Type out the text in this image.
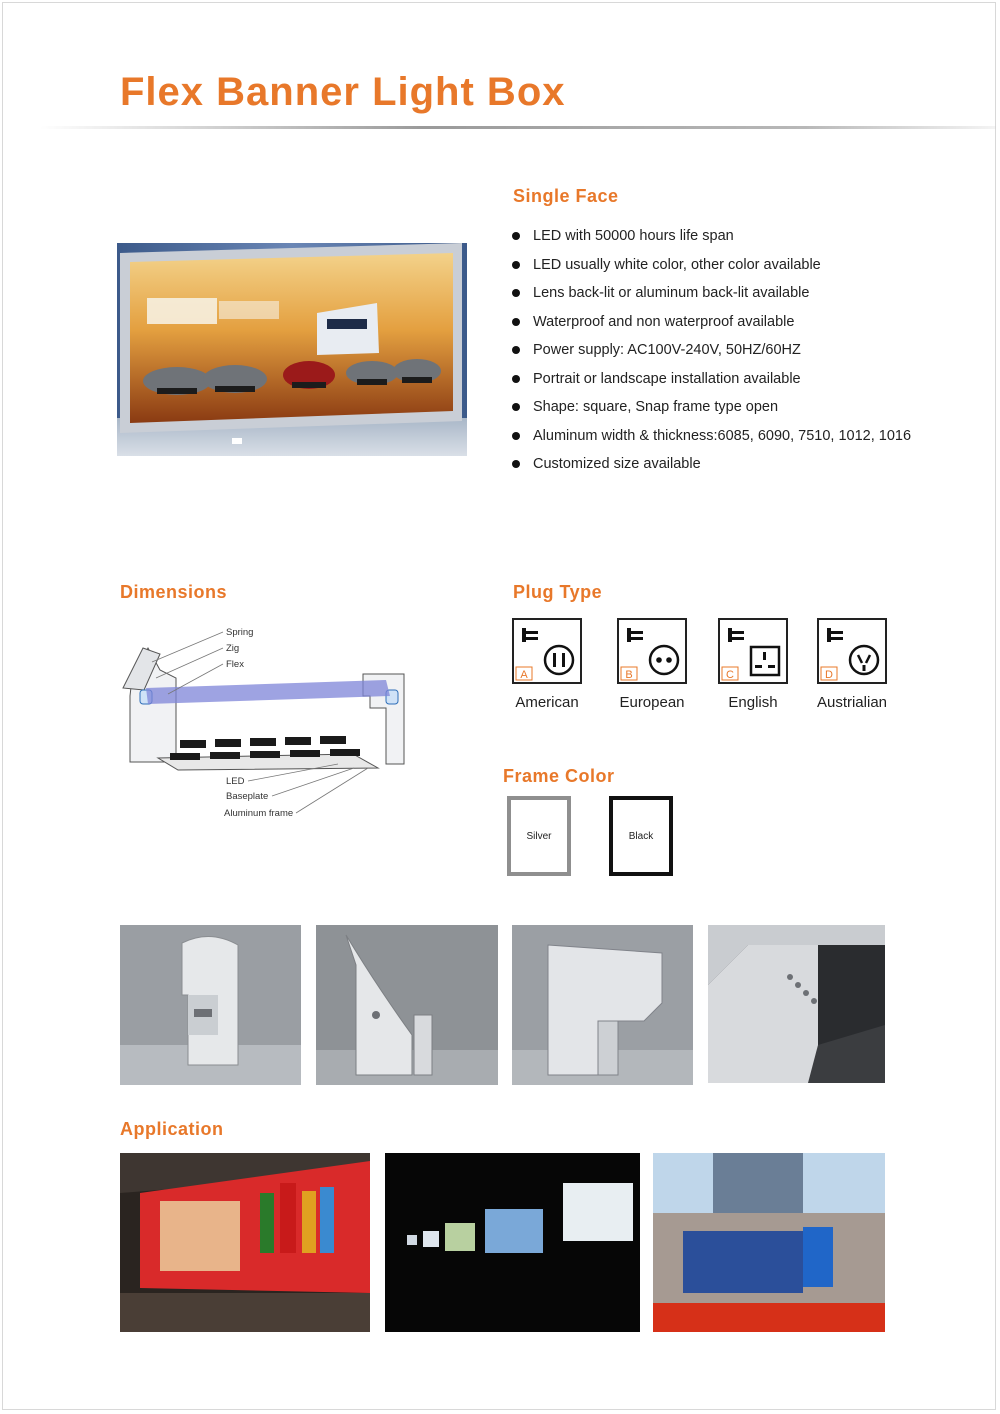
Flex Banner Light Box
Single Face
LED with 50000 hours life span
LED usually white color, other color available
Lens back-lit or aluminum back-lit available
Waterproof and non waterproof available
Power supply: AC100V-240V, 50HZ/60HZ
Portrait or landscape installation available
Shape: square, Snap frame type open
Aluminum width & thickness:6085, 6090, 7510, 1012, 1016
Customized size available
Dimensions
Spring
Zig
Flex
LED
Baseplate
Aluminum frame
Plug Type
A
American
B
European
C
English
D
Austrialian
Frame Color
Silver	Black
Application
